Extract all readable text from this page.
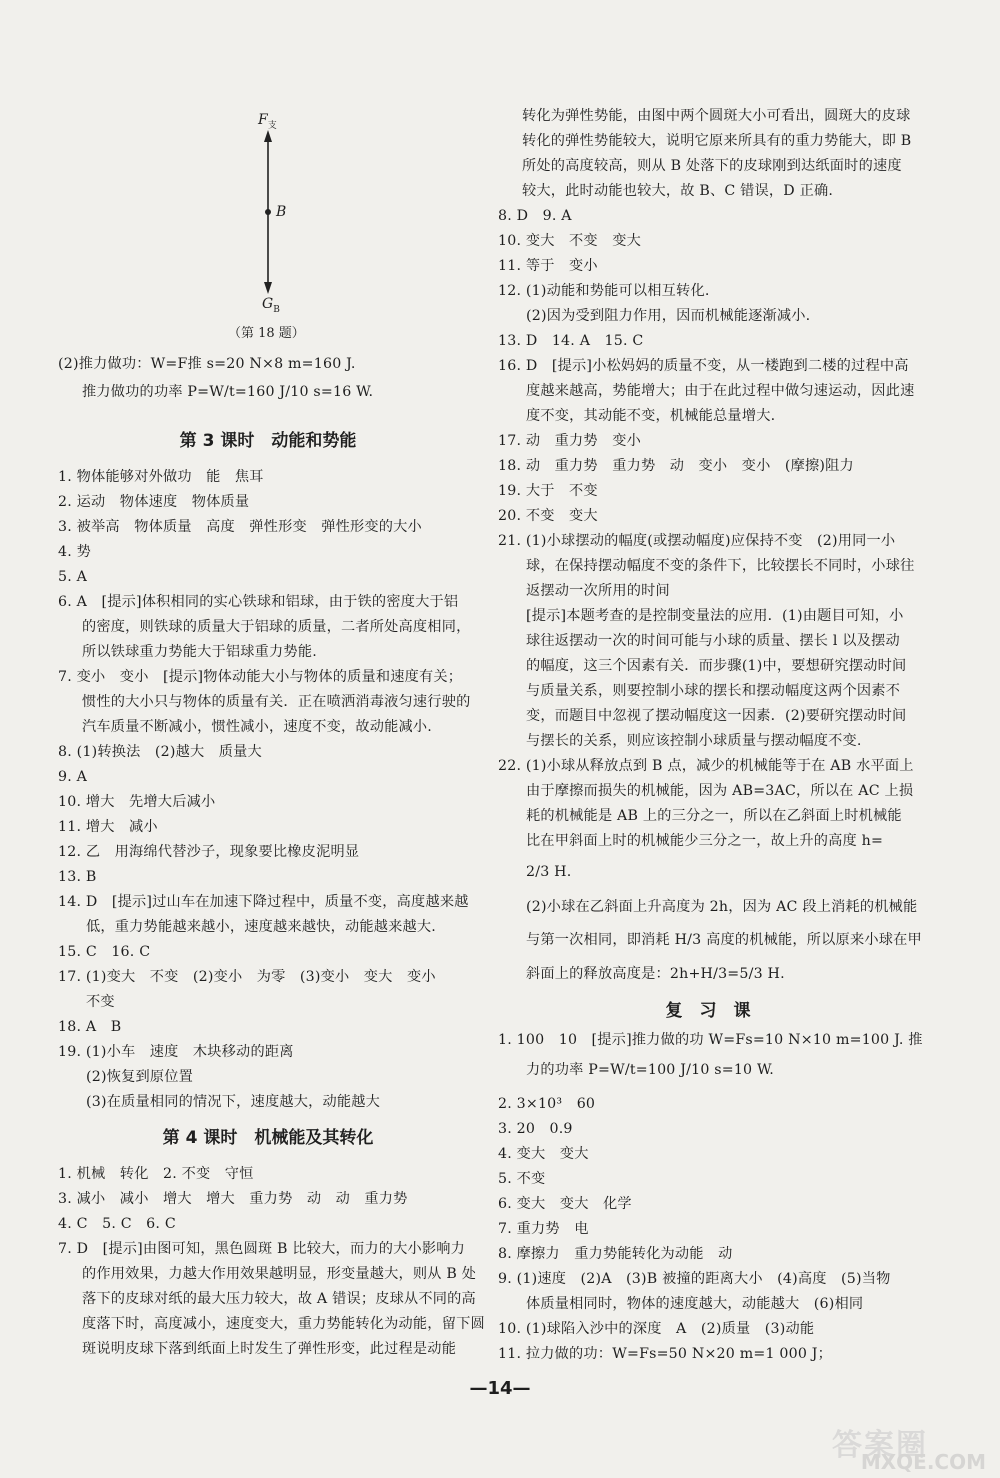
$F_支$
B
$G_B$
（第 18 题）
(2)推力做功：W=F推 s=20 N×8 m=160 J.
推力做功的功率 P=W/t=160 J/10 s=16 W.
第 3 课时　动能和势能
1. 物体能够对外做功　能　焦耳
2. 运动　物体速度　物体质量
3. 被举高　物体质量　高度　弹性形变　弹性形变的大小
4. 势
5. A
6. A　[提示]体积相同的实心铁球和铝球，由于铁的密度大于铝
的密度，则铁球的质量大于铝球的质量，二者所处高度相同，
所以铁球重力势能大于铝球重力势能.
7. 变小　变小　[提示]物体动能大小与物体的质量和速度有关；
惯性的大小只与物体的质量有关．正在喷洒消毒液匀速行驶的
汽车质量不断减小，惯性减小，速度不变，故动能减小.
8. (1)转换法　(2)越大　质量大
9. A
10. 增大　先增大后减小
11. 增大　减小
12. 乙　用海绵代替沙子，现象要比橡皮泥明显
13. B
14. D　[提示]过山车在加速下降过程中，质量不变，高度越来越
低，重力势能越来越小，速度越来越快，动能越来越大.
15. C　16. C
17. (1)变大　不变　(2)变小　为零　(3)变小　变大　变小
不变
18. A　B
19. (1)小车　速度　木块移动的距离
(2)恢复到原位置
(3)在质量相同的情况下，速度越大，动能越大
第 4 课时　机械能及其转化
1. 机械　转化　2. 不变　守恒
3. 减小　减小　增大　增大　重力势　动　动　重力势
4. C　5. C　6. C
7. D　[提示]由图可知，黑色圆斑 B 比较大，而力的大小影响力
的作用效果，力越大作用效果越明显，形变量越大，则从 B 处
落下的皮球对纸的最大压力较大，故 A 错误；皮球从不同的高
度落下时，高度减小，速度变大，重力势能转化为动能，留下圆
斑说明皮球下落到纸面上时发生了弹性形变，此过程是动能
转化为弹性势能，由图中两个圆斑大小可看出，圆斑大的皮球
转化的弹性势能较大，说明它原来所具有的重力势能大，即 B
所处的高度较高，则从 B 处落下的皮球刚到达纸面时的速度
较大，此时动能也较大，故 B、C 错误，D 正确.
8. D　9. A
10. 变大　不变　变大
11. 等于　变小
12. (1)动能和势能可以相互转化.
(2)因为受到阻力作用，因而机械能逐渐减小.
13. D　14. A　15. C
16. D　[提示]小松妈妈的质量不变，从一楼跑到二楼的过程中高
度越来越高，势能增大；由于在此过程中做匀速运动，因此速
度不变，其动能不变，机械能总量增大.
17. 动　重力势　变小
18. 动　重力势　重力势　动　变小　变小　(摩擦)阻力
19. 大于　不变
20. 不变　变大
21. (1)小球摆动的幅度(或摆动幅度)应保持不变　(2)用同一小
球，在保持摆动幅度不变的条件下，比较摆长不同时，小球往
返摆动一次所用的时间
[提示]本题考查的是控制变量法的应用．(1)由题目可知，小
球往返摆动一次的时间可能与小球的质量、摆长 l 以及摆动
的幅度，这三个因素有关．而步骤(1)中，要想研究摆动时间
与质量关系，则要控制小球的摆长和摆动幅度这两个因素不
变，而题目中忽视了摆动幅度这一因素．(2)要研究摆动时间
与摆长的关系，则应该控制小球质量与摆动幅度不变.
22. (1)小球从释放点到 B 点，减少的机械能等于在 AB 水平面上
由于摩擦而损失的机械能，因为 AB=3AC，所以在 AC 上损
耗的机械能是 AB 上的三分之一，所以在乙斜面上时机械能
比在甲斜面上时的机械能少三分之一，故上升的高度 h=
2/3 H.
(2)小球在乙斜面上升高度为 2h，因为 AC 段上消耗的机械能
与第一次相同，即消耗 H/3 高度的机械能，所以原来小球在甲
斜面上的释放高度是：2h+H/3=5/3 H.
复　习　课
1. 100　10　[提示]推力做的功 W=Fs=10 N×10 m=100 J. 推
力的功率 P=W/t=100 J/10 s=10 W.
2. 3×10³　60
3. 20　0.9
4. 变大　变大
5. 不变
6. 变大　变大　化学
7. 重力势　电
8. 摩擦力　重力势能转化为动能　动
9. (1)速度　(2)A　(3)B 被撞的距离大小　(4)高度　(5)当物
体质量相同时，物体的速度越大，动能越大　(6)相同
10. (1)球陷入沙中的深度　A　(2)质量　(3)动能
11. 拉力做的功：W=Fs=50 N×20 m=1 000 J；
—14—
答案圈
MXQE.COM
